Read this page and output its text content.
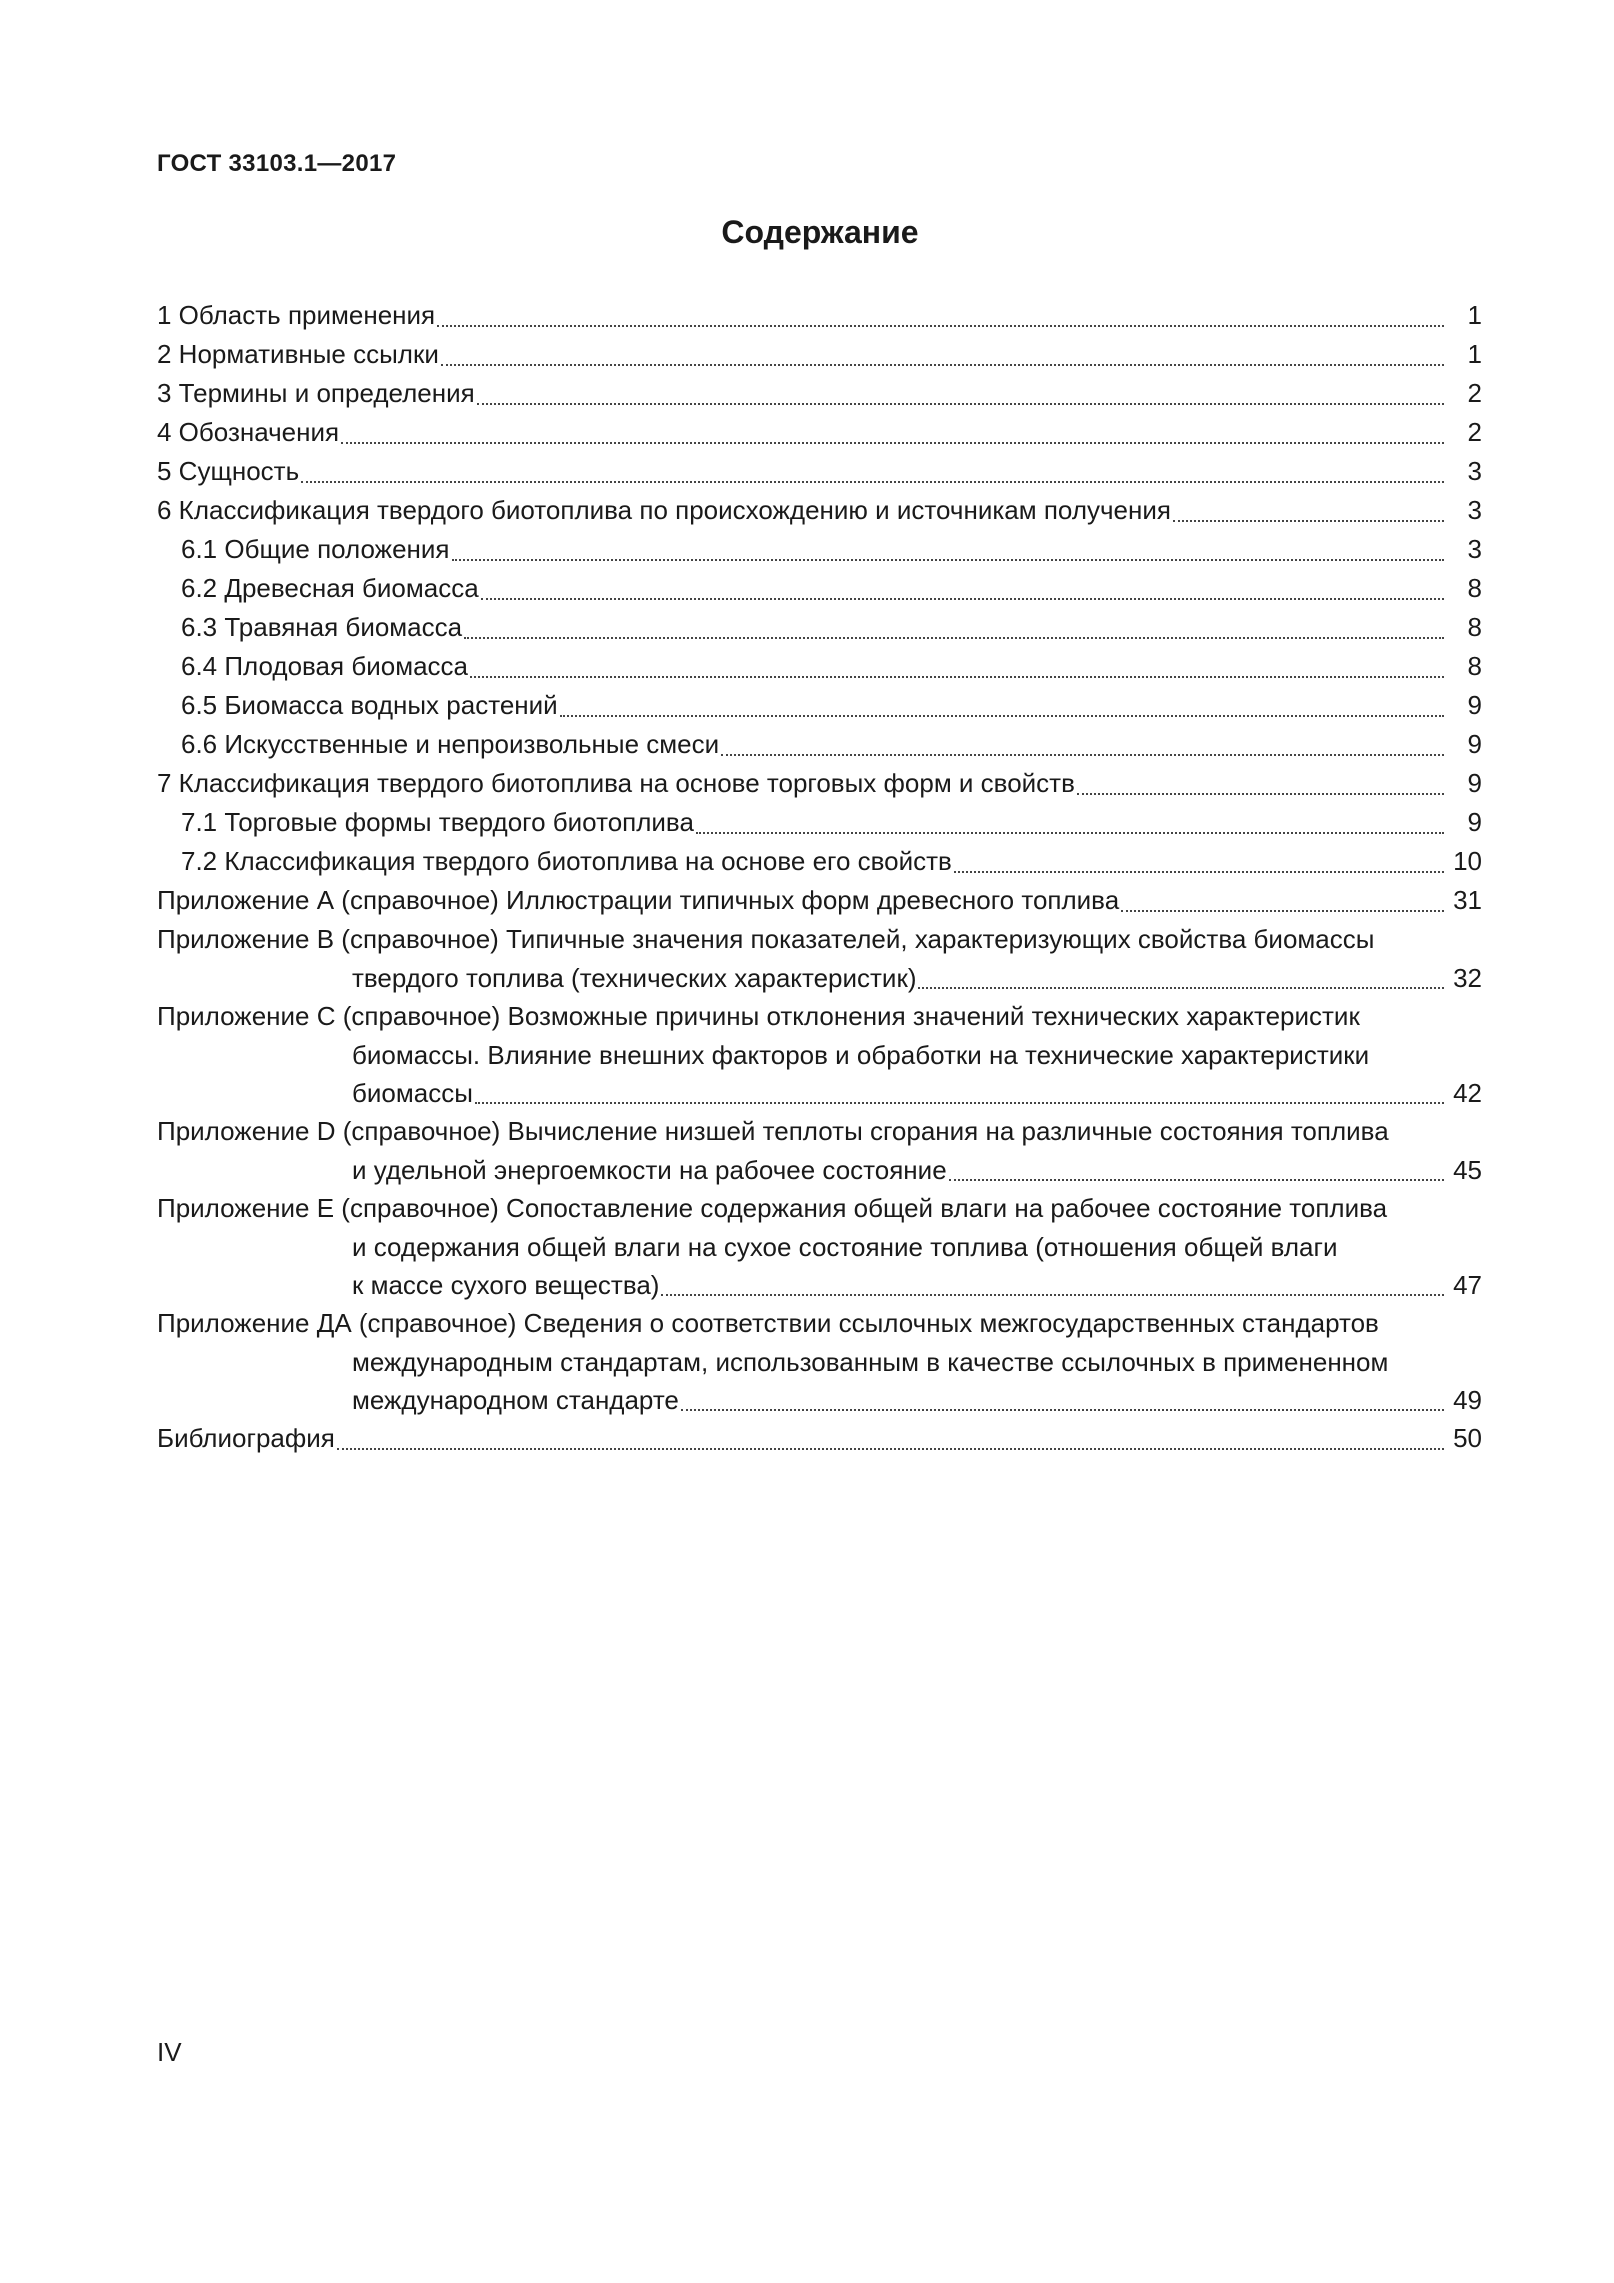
ГОСТ 33103.1—2017
Содержание
1 Область применения	1
2 Нормативные ссылки	1
3 Термины и определения	2
4 Обозначения	2
5 Сущность	3
6 Классификация твердого биотоплива по происхождению и источникам получения	3
6.1 Общие положения	3
6.2 Древесная биомасса	8
6.3 Травяная биомасса	8
6.4 Плодовая биомасса	8
6.5 Биомасса водных растений	9
6.6 Искусственные и непроизвольные смеси	9
7 Классификация твердого биотоплива на основе торговых форм и свойств	9
7.1 Торговые формы твердого биотоплива	9
7.2 Классификация твердого биотоплива на основе его свойств	10
Приложение А (справочное) Иллюстрации типичных форм древесного топлива	31
Приложение В (справочное) Типичные значения показателей, характеризующих свойства биомассы
твердого топлива (технических характеристик)	32
Приложение С (справочное) Возможные причины отклонения значений технических характеристик
биомассы. Влияние внешних факторов и обработки на технические характеристики
биомассы	42
Приложение D (справочное) Вычисление низшей теплоты сгорания на различные состояния топлива
и удельной энергоемкости на рабочее состояние	45
Приложение Е (справочное) Сопоставление содержания общей влаги на рабочее состояние топлива
и содержания общей влаги на сухое состояние топлива (отношения общей влаги
к массе сухого вещества)	47
Приложение ДА (справочное) Сведения о соответствии ссылочных межгосударственных стандартов
международным стандартам, использованным в качестве ссылочных в примененном
международном стандарте	49
Библиография	50
IV
